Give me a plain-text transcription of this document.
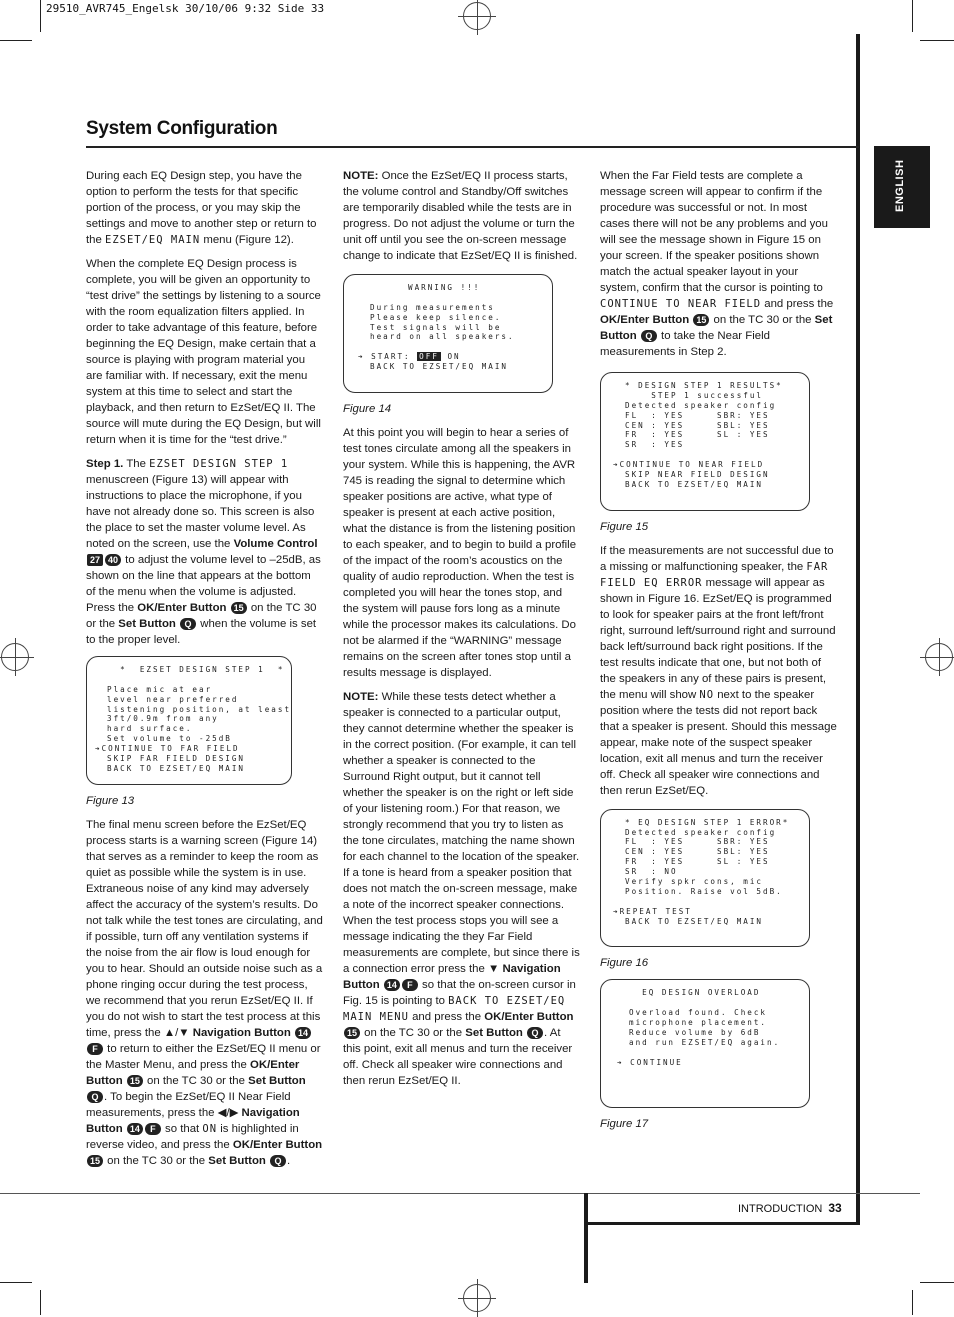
29510_AVR745_Engelsk 30/10/06 9:32 Side 33
System Configuration
ENGLISH

During each EQ Design step, you have the option to perform the tests for that specific portion of the process, or you may skip the settings and move to another step or return to the EZSET/EQ MAIN menu (Figure 12).

When the complete EQ Design process is complete, you will be given an opportunity to “test drive” the settings by listening to a source with the room equalization filters applied. In order to take advantage of this feature, before beginning the EQ Design, make certain that a source is playing with program material you are familiar with. If necessary, exit the menu system at this time to select and start the playback, and then return to EzSet/EQ II. The source will mute during the EQ Design, but will return when it is time for the “test drive.”

Step 1. The EZSET DESIGN STEP 1 menuscreen (Figure 13) will appear with instructions to place the microphone, if you have not already done so. This screen is also the place to set the master volume level. As noted on the screen, use the Volume Control 27 40 to adjust the volume level to –25dB, as shown on the line that appears at the bottom of the menu when the volume is adjusted. Press the OK/Enter Button 15 on the TC 30 or the Set Button Q when the volume is set to the proper level.

*  EZSET DESIGN STEP 1  *
Place mic at ear
level near preferred
listening position, at least
3ft/0.9m from any
hard surface.
Set volume to -25dB
➔CONTINUE TO FAR FIELD
SKIP FAR FIELD DESIGN
BACK TO EZSET/EQ MAIN

Figure 13

The final menu screen before the EzSet/EQ process starts is a warning screen (Figure 14) that serves as a reminder to keep the room as quiet as possible while the system is in use. Extraneous noise of any kind may adversely affect the accuracy of the system’s results. Do not talk while the test tones are circulating, and if possible, turn off any ventilation systems if the noise from the air flow is loud enough for you to hear. Should an outside noise such as a phone ringing occur during the test process, we recommend that you rerun EzSet/EQ II. If you do not wish to start the test process at this time, press the ▲/▼ Navigation Button 14F to return to either the EzSet/EQ II menu or the Master Menu, and press the OK/Enter Button 15 on the TC 30 or the Set Button Q . To begin the EzSet/EQ II Near Field measurements, press the ◀/▶ Navigation Button 14 F so that ON is highlighted in reverse video, and press the OK/Enter Button 15 on the TC 30 or the Set Button Q .

NOTE: Once the EzSet/EQ II process starts, the volume control and Standby/Off switches are temporarily disabled while the tests are in progress. Do not adjust the volume or turn the unit off until you see the on-screen message change to indicate that EzSet/EQ II is finished.

WARNING !!!
During measurements
Please keep silence.
Test signals will be
heard on all speakers.
➔ START: OFF ON
BACK TO EZSET/EQ MAIN

Figure 14

At this point you will begin to hear a series of test tones circulate among all the speakers in your system. While this is happening, the AVR 745 is reading the signal to determine which speaker positions are active, what type of speaker is present at each active position, what the distance is from the listening position to each speaker, and to begin to build a profile of the impact of the room’s acoustics on the quality of audio reproduction. When the test is completed you will hear the tones stop, and the system will pause fors long as a minute while the processor makes its calculations. Do not be alarmed if the “WARNING” message remains on the screen after tones stop until a results message is displayed.

NOTE: While these tests detect whether a speaker is connected to a particular output, they cannot determine whether the speaker is in the correct position. (For example, it can tell whether a speaker is connected to the Surround Right output, but it cannot tell whether the speaker is on the right or left side of your listening room.) For that reason, we strongly recommend that you try to listen as the tone circulates, matching the name shown for each channel to the location of the speaker. If a tone is heard from a speaker position that does not match the on-screen message, make a note of the incorrect speaker connections. When the test process stops you will see a message indicating the they Far Field measurements are complete, but since there is a connection error press the ▼ Navigation Button 14 F so that the on-screen cursor in Fig. 15 is pointing to BACK TO EZSET/EQ MAIN MENU and press the OK/Enter Button 15 on the TC 30 or the Set Button Q . At this point, exit all menus and turn the receiver off. Check all speaker wire connections and then rerun EzSet/EQ II.

When the Far Field tests are complete a message screen will appear to confirm if the procedure was successful or not. In most cases there will not be any problems and you will see the message shown in Figure 15 on your screen. If the speaker positions shown match the actual speaker layout in your system, confirm that the cursor is pointing to CONTINUE TO NEAR FIELD and press the OK/Enter Button 15 on the TC 30 or the Set Button Q to take the Near Field measurements in Step 2.

* DESIGN STEP 1 RESULTS*
STEP 1 successful
Detected speaker config
FL  : YES     SBR: YES
CEN : YES     SBL: YES
FR  : YES     SL : YES
SR  : YES
➔CONTINUE TO NEAR FIELD
SKIP NEAR FIELD DESIGN
BACK TO EZSET/EQ MAIN

Figure 15

If the measurements are not successful due to a missing or malfunctioning speaker, the FAR FIELD EQ ERROR message will appear as shown in Figure 16. EzSet/EQ is programmed to look for speaker pairs at the front left/front right, surround left/surround right and surround back left/surround back right positions. If the test results indicate that one, but not both of the speakers in any of these pairs is present, the menu will show NO next to the speaker position where the tests did not report back that a speaker is present. Should this message appear, make note of the suspect speaker location, exit all menus and turn the receiver off. Check all speaker wire connections and then rerun EzSet/EQ.

* EQ DESIGN STEP 1 ERROR*
Detected speaker config
FL  : YES     SBR: YES
CEN : YES     SBL: YES
FR  : YES     SL : YES
SR  : NO
Verify spkr cons, mic
Position. Raise vol 5dB.
➔REPEAT TEST
BACK TO EZSET/EQ MAIN

Figure 16

EQ DESIGN OVERLOAD
Overload found. Check
microphone placement.
Reduce volume by 6dB
and run EZSET/EQ again.
➔ CONTINUE

Figure 17

INTRODUCTION 33
